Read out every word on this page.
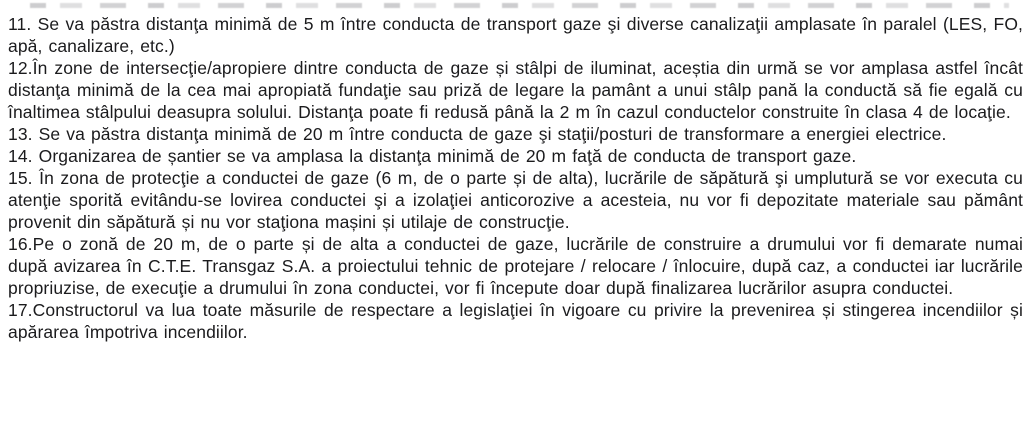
11. Se va păstra distanţa minimă de 5 m între conducta de transport gaze şi diverse canalizaţii amplasate în paralel (LES, FO, apă, canalizare, etc.)

12.În zone de intersecţie/apropiere dintre conducta de gaze și stâlpi de iluminat, aceștia din urmă se vor amplasa astfel încât distanţa minimă de la cea mai apropiată fundaţie sau priză de legare la pamânt a unui stâlp pană la conductă să fie egală cu înaltimea stâlpului deasupra solului. Distanţa poate fi redusă până la 2 m în cazul conductelor construite în clasa 4 de locaţie.

13. Se va păstra distanţa minimă de 20 m între conducta de gaze şi staţii/posturi de transformare a energiei electrice.

14. Organizarea de șantier se va amplasa la distanţa minimă de 20 m faţă de conducta de transport gaze.

15. În zona de protecţie a conductei de gaze (6 m, de o parte și de alta), lucrările de săpătură şi umplutură se vor executa cu atenţie sporită evitându-se lovirea conductei şi a izolaţiei anticorozive a acesteia, nu vor fi depozitate materiale sau pământ provenit din săpătură și nu vor staţiona mașini și utilaje de construcţie.

16.Pe o zonă de 20 m, de o parte și de alta a conductei de gaze, lucrările de construire a drumului vor fi demarate numai după avizarea în C.T.E. Transgaz S.A. a proiectului tehnic de protejare / relocare / înlocuire, după caz, a conductei iar lucrările propriuzise, de execuţie a drumului în zona conductei, vor fi începute doar după finalizarea lucrărilor asupra conductei.

17.Constructorul va lua toate măsurile de respectare a legislaţiei în vigoare cu privire la prevenirea și stingerea incendiilor și apărarea împotriva incendiilor.
